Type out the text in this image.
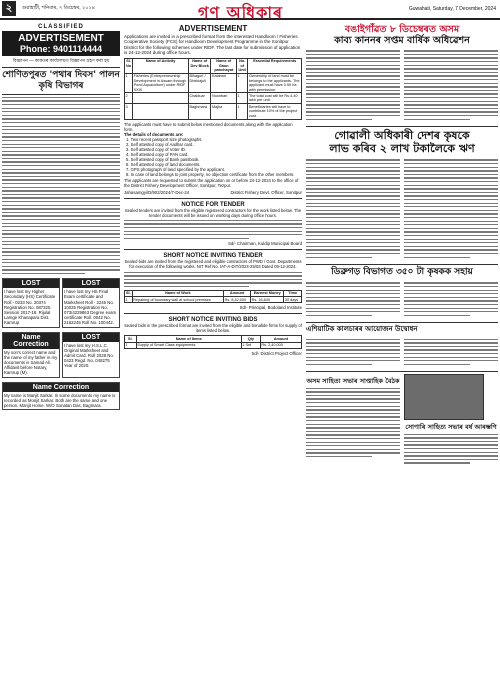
২	গুৱাহাটী, শনিবাৰ, ৭ ডিচেম্বৰ, ২০২৪	গণ অধিকাৰ	Guwahati, Saturday, 7 December, 2024
CLASSIFIED
ADVERTISEMENT
Phone: 9401114444
বিজ্ঞাপন — কাকতৰ কাৰ্য্যালয়ত বিজ্ঞাপন গ্ৰহণ কৰা হয়
শোণিতপুৰত 'পথাৰ দিবস' পালন কৃষি বিভাগৰ
LOST
I have lost my Higher Secondary (HS) Certificate Roll - 0233 No. 20374 Registration No. 087325 Session 2017-18. Rijulal Lamge Khanapara Dist. Kamrup
LOST
I have lost my HS Final Exam certificate and Marksheet Roll - 2246 No. 10025 Registration No. 073/4229863 Degree exam certificate Roll. 0042 No. 2162245 Roll No. 100442.
Name Correction
My son's correct name and the name of my father in my documents is Samad Ali. Affidavit before Notary, Kamrup (M).
LOST
I have lost my H.S.L.C. Original Marksheet and Admit Card. Roll 2028 No. 0423 Regd. No. 048275 Year of 2020.
Name Correction
My name is Manjit Sarkar. In some documents my name is recorded as Monjit Sarkar. Both are the same and one person. Manjit Home. W/O Sonatan Das, Bagmara.
ADVERTISEMENT
Applications are invited in a prescribed format from the interested Handloom / Fisheries Cooperative Society (FCS) for Handloom Development Programme in the Sonitpur District for the following schemes under RIDF. The last date for submission of application is 24-12-2024 during office hours.
Sl. No	Name of Activity	Name of Dev Block	Name of Gaon panchayat	No. of Unit	Essential Requirements
1	Fisheries (Entrepreneurship Development in Assam through Pond Aquaculture) under RIDF XXIX	Bihaguri / Dhekiajuli	Kalabari	1	Ownership of land must be belongs to the applicants. The applicant must have 0.50 ha with permission.
2		Chaiduar	Noonbari	1	The total cost will be Rs.4.40 lakh per unit.
3		Baghmara	Majha	1	Beneficiaries will have to contribute 10% of the project cost.
The applicants must have to submit below mentioned documents along with the application form.
The details of documents are:
1. Two recent passport size photographs.
2. Self attested copy of Aadhar card.
3. Self attested copy of Voter ID.
4. Self attested copy of PAN card.
5. Self attested copy of Bank passbook.
6. Self attested copy of land documents.
7. GPS photograph of land specified by the applicant.
8. In case of land belongs to joint property, no objection certificate from the other members.
The applicants are requested to submit the application on or before 24-12-2024 to the office of the District Fishery Development Officer, Sonitpur, Tezpur.
Jahasamgyi/D/902/2024/7-Dec-24	District Fishery Devt. Officer, Sonitpur
NOTICE FOR TENDER
Sealed tenders are invited from the eligible registered contractors for the work listed below. The tender documents will be issued on working days during office hours.
Sd/- Chairman, Kuldip Municipal Board
SHORT NOTICE INVITING TENDER
Sealed bids are invited from the registered and eligible contractors of PWD / Govt. Departments for execution of the following works. NIT Ref No. IAT-A-DIT/2024-25/03 Dated 05-12-2024.
Sl.	Name of Work	Amount	Earnest Money	Time
1	Repairing of boundary wall at school premises	Rs. 8,42,000	Rs. 16,840	30 days
Sd/- Principal, Bodoland Institute
SHORT NOTICE INVITING BIDS
Sealed bids in the prescribed format are invited from the eligible and bonafide firms for supply of items listed below.
Sl.	Name of Items	Qty	Amount
1	Supply of Smart Class equipments	1 Set	Rs. 2,40,000
Sd/- District Project Officer
বঙাইগাঁৱত ৮ ডিচেম্বৰত অসম
কাব্য কাননৰ সপ্তম বাৰ্ষিক অধিৱেশন
গোৱালী অধিকাৰী দেশৰ কৃষকে
লাভ কৰিব ২ লাখ টকালৈকে ঋণ
ডিব্ৰুগড় বিভাগত ৩৫০ টা কৃষকক সহায়
এশিয়াটিক কালচাৰৰ আয়োজন উদ্বোধন
অসম সাহিত্য সভাৰ সাপ্তাহিক বৈঠক
সোণাৰি সাহিত্য সভাৰ বৰ্ষ আৰম্ভণি
